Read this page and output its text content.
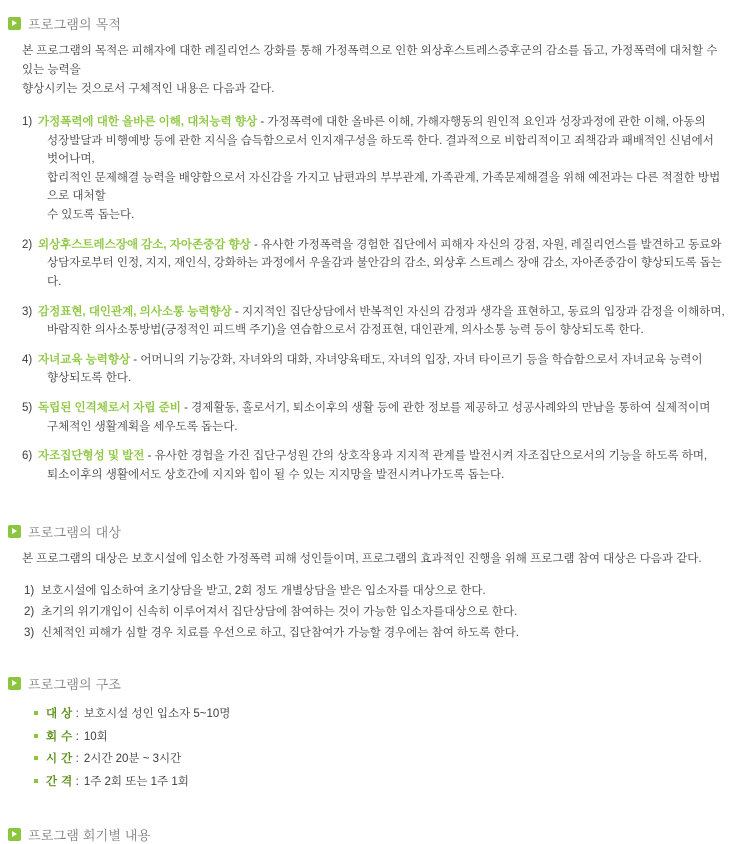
프로그램의 목적
본 프로그램의 목적은 피해자에 대한 레질리언스 강화를 통해 가정폭력으로 인한 외상후스트레스증후군의 감소를 돕고, 가정폭력에 대처할 수 있는 능력을
향상시키는 것으로서 구체적인 내용은 다음과 같다.
1) 가정폭력에 대한 올바른 이해, 대처능력 향상 - 가정폭력에 대한 올바른 이해, 가해자행동의 원인적 요인과 성장과정에 관한 이해, 아동의
성장발달과 비행예방 등에 관한 지식을 습득함으로서 인지재구성을 하도록 한다. 결과적으로 비합리적이고 죄책감과 패배적인 신념에서 벗어나며,
합리적인 문제해결 능력을 배양함으로서 자신감을 가지고 남편과의 부부관계, 가족관계, 가족문제해결을 위해 예전과는 다른 적절한 방법으로 대처할
수 있도록 돕는다.
2) 외상후스트레스장애 감소, 자아존중감 향상 - 유사한 가정폭력을 경험한 집단에서 피해자 자신의 강점, 자원, 레질리언스를 발견하고 동료와
상담자로부터 인정, 지지, 재인식, 강화하는 과정에서 우울감과 불안감의 감소, 외상후 스트레스 장애 감소, 자아존중감이 향상되도록 돕는다.
3) 감정표현, 대인관계, 의사소통 능력향상 - 지지적인 집단상담에서 반복적인 자신의 감정과 생각을 표현하고, 동료의 입장과 감정을 이해하며,
바람직한 의사소통방법(긍정적인 피드백 주기)을 연습함으로서 감정표현, 대인관계, 의사소통 능력 등이 향상되도록 한다.
4) 자녀교육 능력향상 - 어머니의 기능강화, 자녀와의 대화, 자녀양육태도, 자녀의 입장, 자녀 타이르기 등을 학습함으로서 자녀교육 능력이
향상되도록 한다.
5) 독립된 인격체로서 자립 준비 - 경제활동, 홀로서기, 퇴소이후의 생활 등에 관한 정보를 제공하고 성공사례와의 만남을 통하여 실제적이며
구체적인 생활계획을 세우도록 돕는다.
6) 자조집단형성 및 발전 - 유사한 경험을 가진 집단구성원 간의 상호작용과 지지적 관계를 발전시켜 자조집단으로서의 기능을 하도록 하며,
퇴소이후의 생활에서도 상호간에 지지와 힘이 될 수 있는 지지망을 발전시켜나가도록 돕는다.
프로그램의 대상
본 프로그램의 대상은 보호시설에 입소한 가정폭력 피해 성인들이며, 프로그램의 효과적인 진행을 위해 프로그램 참여 대상은 다음과 같다.
1) 보호시설에 입소하여 초기상담을 받고, 2회 정도 개별상담을 받은 입소자를 대상으로 한다.
2) 초기의 위기개입이 신속히 이루어져서 집단상담에 참여하는 것이 가능한 입소자를대상으로 한다.
3) 신체적인 피해가 심할 경우 치료를 우선으로 하고, 집단참여가 가능할 경우에는 참여 하도록 한다.
프로그램의 구조
대 상 : 보호시설 성인 입소자 5~10명
회 수 : 10회
시 간 : 2시간 20분 ~ 3시간
간 격 : 1주 2회 또는 1주 1회
프로그램 회기별 내용
